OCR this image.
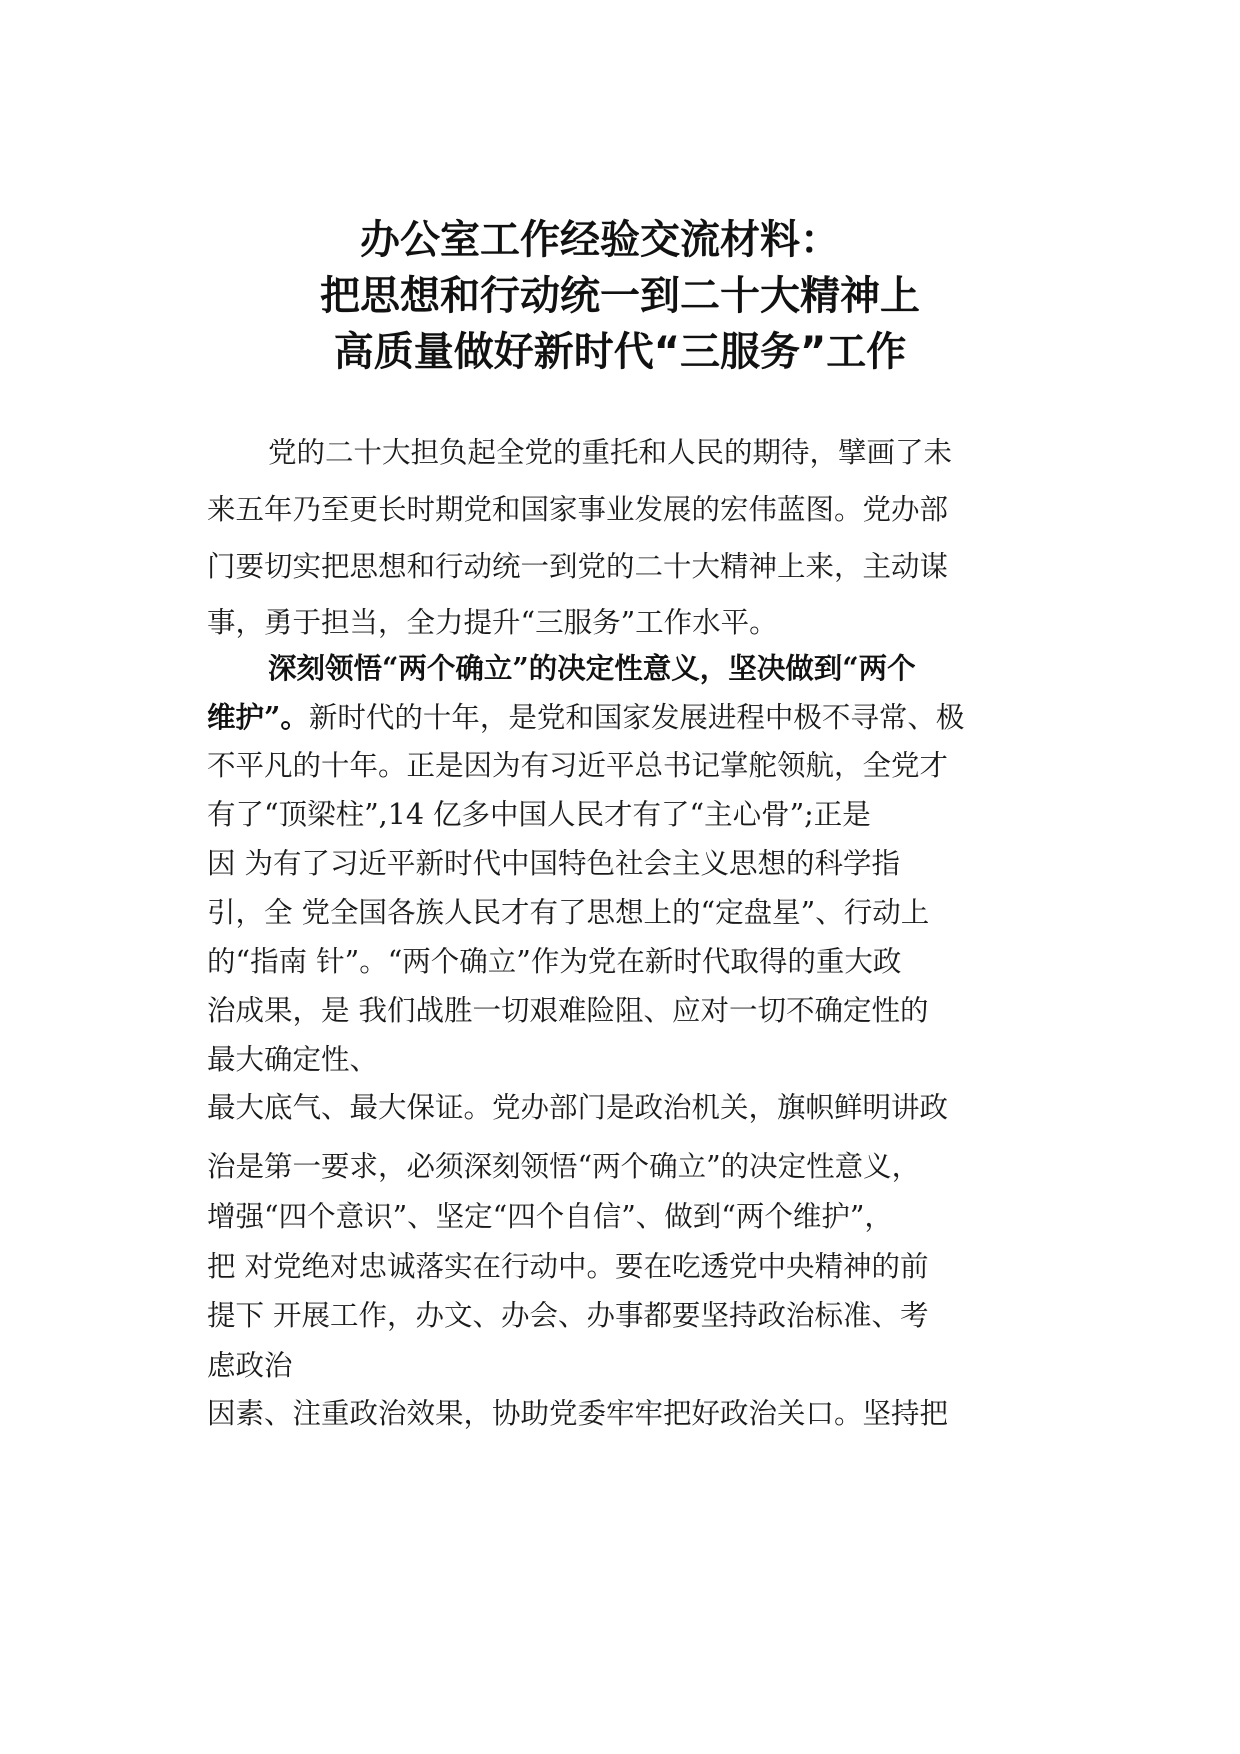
办公室工作经验交流材料：
把思想和行动统一到二十大精神上
高质量做好新时代“三服务”工作
党的二十大担负起全党的重托和人民的期待，擘画了未
来五年乃至更长时期党和国家事业发展的宏伟蓝图。党办部
门要切实把思想和行动统一到党的二十大精神上来，主动谋
事，勇于担当，全力提升“三服务”工作水平。
深刻领悟“两个确立”的决定性意义，坚决做到“两个
维护”。新时代的十年，是党和国家发展进程中极不寻常、极
不平凡的十年。正是因为有习近平总书记掌舵领航，全党才
有了“顶梁柱”,14 亿多中国人民才有了“主心骨”;正是
因 为有了习近平新时代中国特色社会主义思想的科学指
引，全 党全国各族人民才有了思想上的“定盘星”、行动上
的“指南 针”。“两个确立”作为党在新时代取得的重大政
治成果，是 我们战胜一切艰难险阻、应对一切不确定性的
最大确定性、
最大底气、最大保证。党办部门是政治机关，旗帜鲜明讲政
治是第一要求，必须深刻领悟“两个确立”的决定性意义，
增强“四个意识”、坚定“四个自信”、做到“两个维护”，
把 对党绝对忠诚落实在行动中。要在吃透党中央精神的前
提下 开展工作，办文、办会、办事都要坚持政治标准、考
虑政治
因素、注重政治效果，协助党委牢牢把好政治关口。坚持把
